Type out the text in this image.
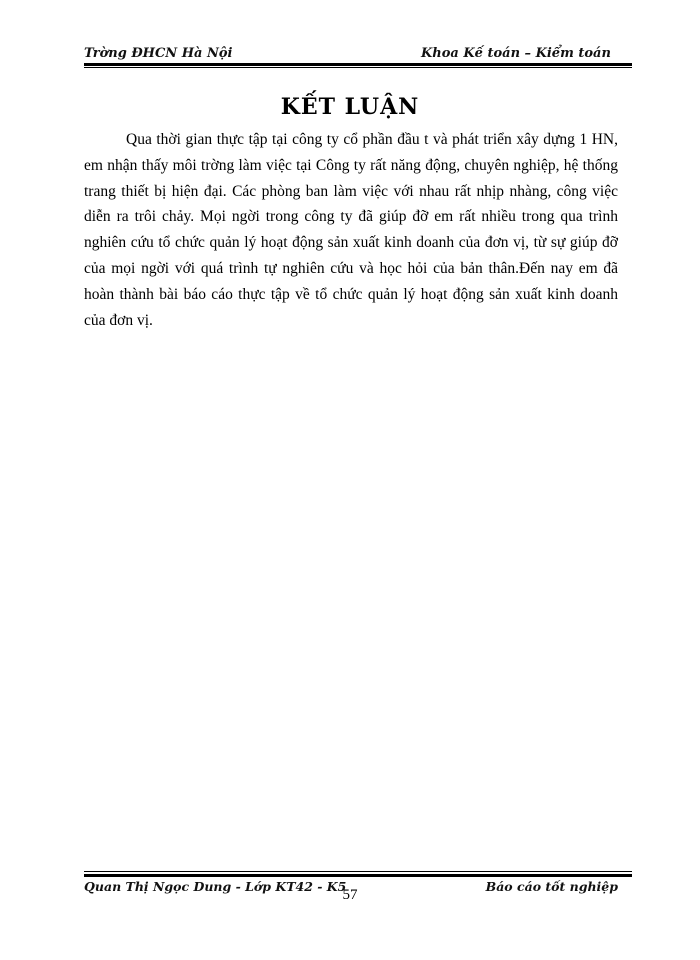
Trờng ĐHCN Hà Nội	Khoa Kế toán – Kiểm toán
KẾT LUẬN
Qua thời gian thực tập tại công ty cổ phần đầu t và phát triển xây dựng 1 HN, em nhận thấy môi trờng làm việc tại Công ty rất năng động, chuyên nghiệp, hệ thống trang thiết bị hiện đại. Các phòng ban làm việc với nhau rất nhịp nhàng, công việc diễn ra trôi chảy. Mọi ngời trong công ty đã giúp đỡ em rất nhiều trong qua trình nghiên cứu tổ chức quản lý hoạt động sản xuất kinh doanh của đơn vị, từ sự giúp đỡ của mọi ngời với quá trình tự nghiên cứu và học hỏi của bản thân.Đến nay em đã hoàn thành bài báo cáo thực tập về tổ chức quản lý hoạt động sản xuất kinh doanh của đơn vị.
Quan Thị Ngọc Dung - Lớp KT42 - K5	Báo cáo tốt nghiệp
57
